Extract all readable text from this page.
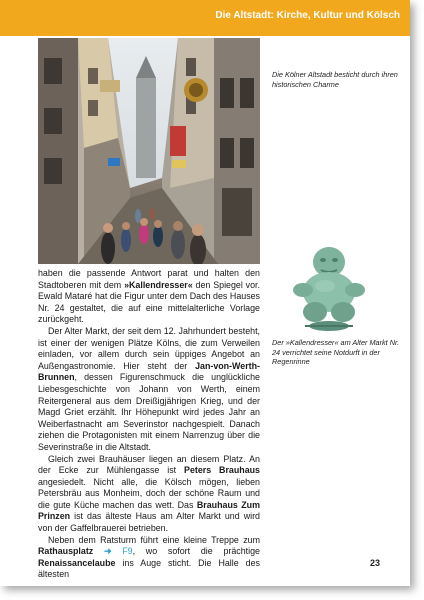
Die Altstadt: Kirche, Kultur und Kölsch
Die Kölner Altstadt besticht durch ihren historischen Charme
Der »Kallendresser« am Alter Markt Nr. 24 verrichtet seine Notdurft in der Regenrinne

haben die passende Antwort parat und halten den Stadtoberen mit dem »Kallendresser« den Spiegel vor. Ewald Mataré hat die Figur unter dem Dach des Hauses Nr. 24 gestaltet, die auf eine mittelalterliche Vorlage zurückgeht.

Der Alter Markt, der seit dem 12. Jahrhundert besteht, ist einer der wenigen Plätze Kölns, die zum Verweilen einladen, vor allem durch sein üppiges Angebot an Außengastronomie. Hier steht der Jan-von-Werth-Brunnen, dessen Figurenschmuck die unglückliche Liebesgeschichte von Johann von Werth, einem Reitergeneral aus dem Dreißigjährigen Krieg, und der Magd Griet erzählt. Ihr Höhepunkt wird jedes Jahr an Weiberfastnacht am Severinstor nachgespielt. Danach ziehen die Protagonisten mit einem Narrenzug über die Severinstraße in die Altstadt.

Gleich zwei Brauhäuser liegen an diesem Platz. An der Ecke zur Mühlengasse ist Peters Brauhaus angesiedelt. Nicht alle, die Kölsch mögen, lieben Petersbräu aus Monheim, doch der schöne Raum und die gute Küche machen das wett. Das Brauhaus Zum Prinzen ist das älteste Haus am Alter Markt und wird von der Gaffelbrauerei betrieben.

Neben dem Ratsturm führt eine kleine Treppe zum Rathausplatz ➜ F9, wo sofort die prächtige Renaissancelaube ins Auge sticht. Die Halle des ältesten

23
